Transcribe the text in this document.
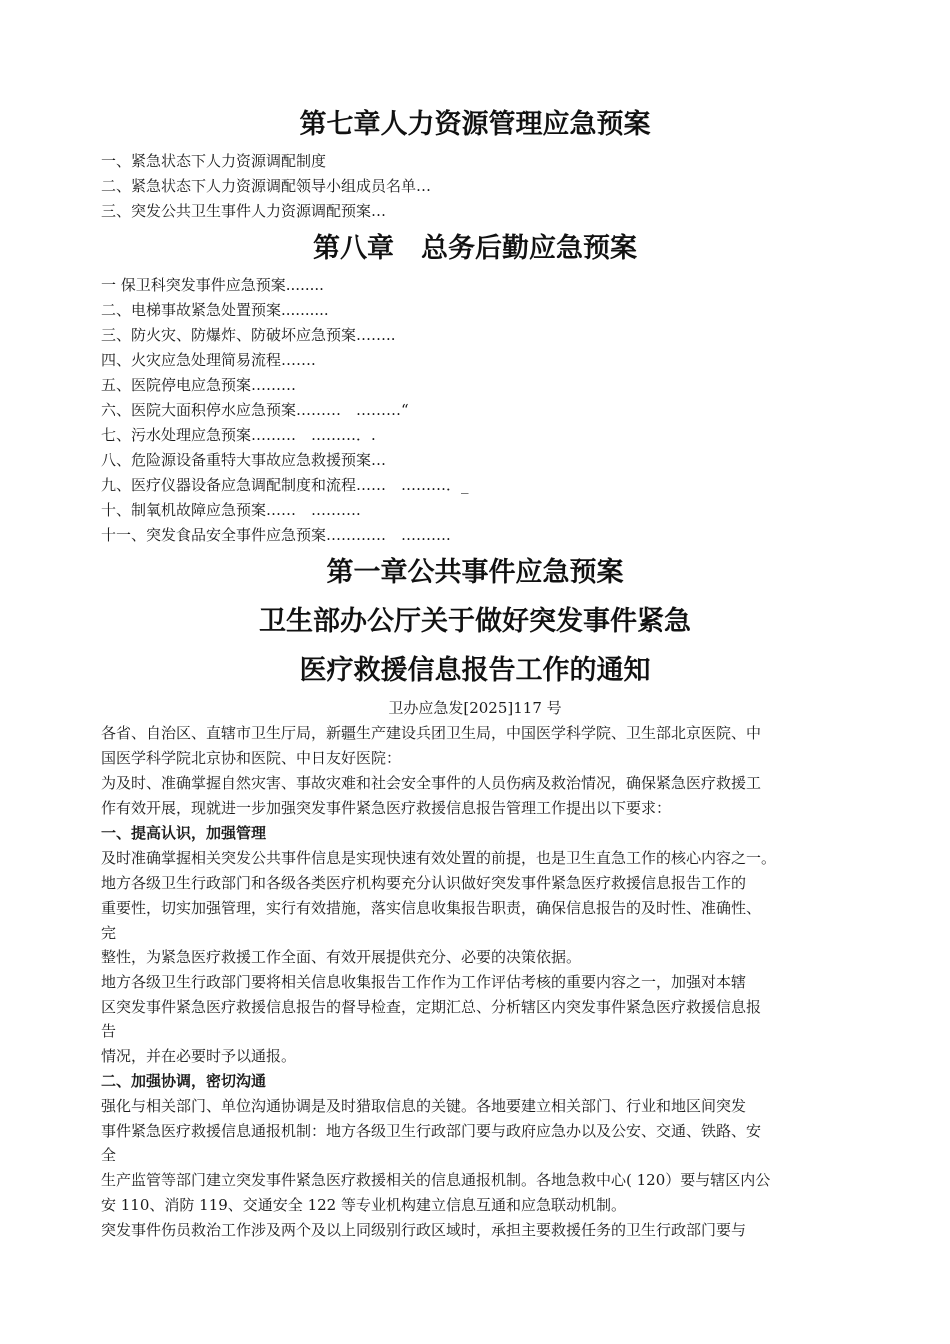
第七章人力资源管理应急预案
一、紧急状态下人力资源调配制度
二、紧急状态下人力资源调配领导小组成员名单…
三、突发公共卫生事件人力资源调配预案…
第八章　总务后勤应急预案
一 保卫科突发事件应急预案........
二、电梯事故紧急处置预案..........
三、防火灾、防爆炸、防破坏应急预案……..
四、火灾应急处理简易流程…….
五、医院停电应急预案………
六、医院大面积停水应急预案………　………“
七、污水处理应急预案………　………．.
八、危险源设备重特大事故应急救援预案…
九、医疗仪器设备应急调配制度和流程……　………．_
十、制氧机故障应急预案……　……….
十一、突发食品安全事件应急预案…………　……….
第一章公共事件应急预案
卫生部办公厅关于做好突发事件紧急
医疗救援信息报告工作的通知
卫办应急发[2025]117 号
各省、自治区、直辖市卫生厅局，新疆生产建设兵团卫生局，中国医学科学院、卫生部北京医院、中
国医学科学院北京协和医院、中日友好医院：
为及时、准确掌握自然灾害、事故灾难和社会安全事件的人员伤病及救治情况，确保紧急医疗救援工
作有效开展，现就进一步加强突发事件紧急医疗救援信息报告管理工作提出以下要求：
一、提高认识，加强管理
及时准确掌握相关突发公共事件信息是实现快速有效处置的前提，也是卫生直急工作的核心内容之一。
地方各级卫生行政部门和各级各类医疗机构要充分认识做好突发事件紧急医疗救援信息报告工作的
重要性，切实加强管理，实行有效措施，落实信息收集报告职责，确保信息报告的及时性、准确性、
完
整性，为紧急医疗救援工作全面、有效开展提供充分、必要的决策依据。
地方各级卫生行政部门要将相关信息收集报告工作作为工作评估考核的重要内容之一，加强对本辖
区突发事件紧急医疗救援信息报告的督导检查，定期汇总、分析辖区内突发事件紧急医疗救援信息报
告
情况，并在必要时予以通报。
二、加强协调，密切沟通
强化与相关部门、单位沟通协调是及时猎取信息的关键。各地要建立相关部门、行业和地区间突发
事件紧急医疗救援信息通报机制：地方各级卫生行政部门要与政府应急办以及公安、交通、铁路、安
全
生产监管等部门建立突发事件紧急医疗救援相关的信息通报机制。各地急救中心( 120）要与辖区内公
安 110、消防 119、交通安全 122 等专业机构建立信息互通和应急联动机制。
突发事件伤员救治工作涉及两个及以上同级别行政区域时，承担主要救援任务的卫生行政部门要与
